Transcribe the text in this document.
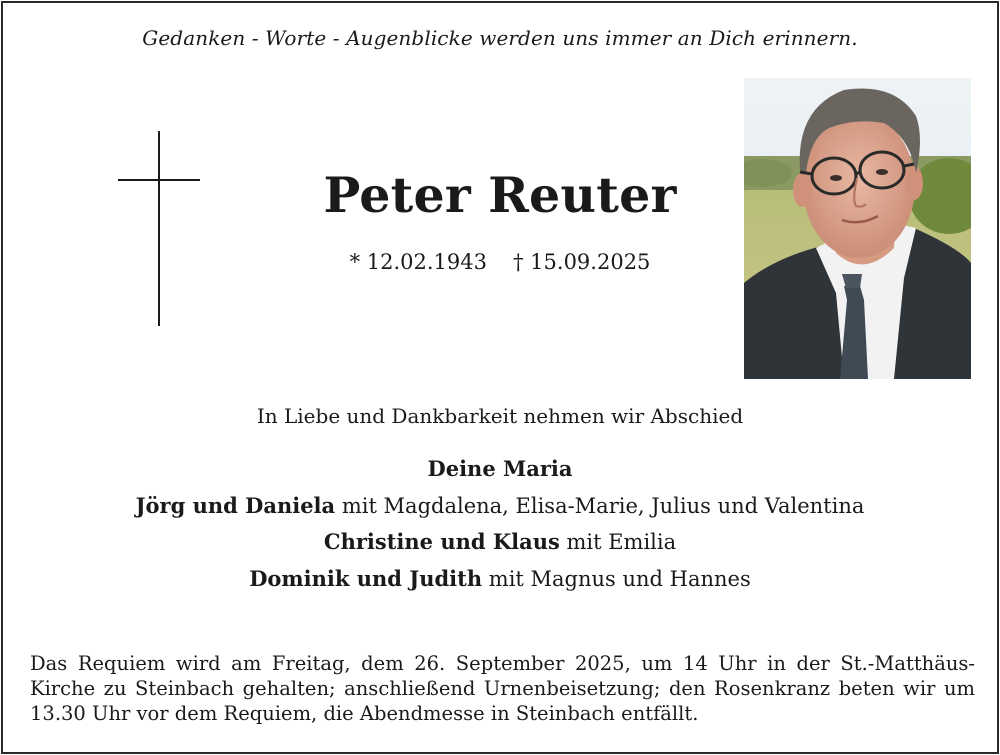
Gedanken - Worte - Augenblicke werden uns immer an Dich erinnern.
Peter Reuter
* 12.02.1943 † 15.09.2025
In Liebe und Dankbarkeit nehmen wir Abschied
Deine Maria
Jörg und Daniela mit Magdalena, Elisa-Marie, Julius und Valentina
Christine und Klaus mit Emilia
Dominik und Judith mit Magnus und Hannes
Das Requiem wird am Freitag, dem 26. September 2025, um 14 Uhr in der St.-Matthäus-Kirche zu Steinbach gehalten; anschließend Urnenbeisetzung; den Rosenkranz beten wir um 13.30 Uhr vor dem Requiem, die Abendmesse in Steinbach entfällt.
